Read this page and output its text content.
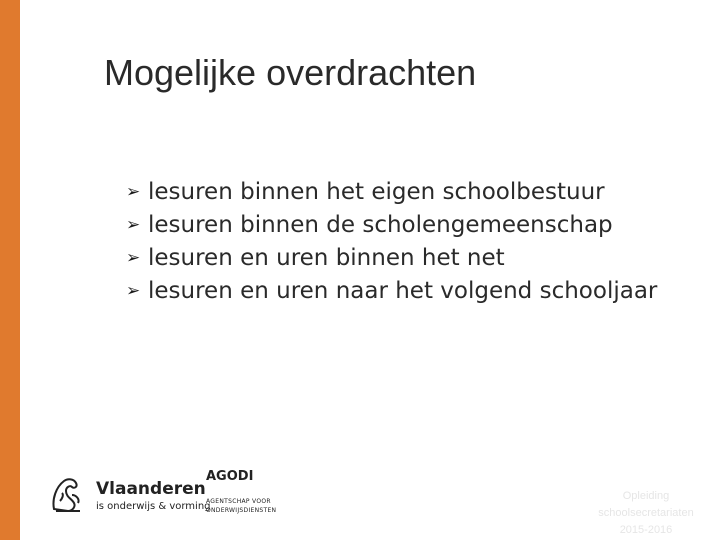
Mogelijke overdrachten
➢ lesuren binnen het eigen schoolbestuur
➢ lesuren binnen de scholengemeenschap
➢ lesuren en uren binnen het net
➢ lesuren en uren naar het volgend schooljaar
Vlaanderen
is onderwijs & vorming
AGODI
AGENTSCHAP VOOR ONDERWIJSDIENSTEN
Opleiding
schoolsecretariaten
2015-2016
